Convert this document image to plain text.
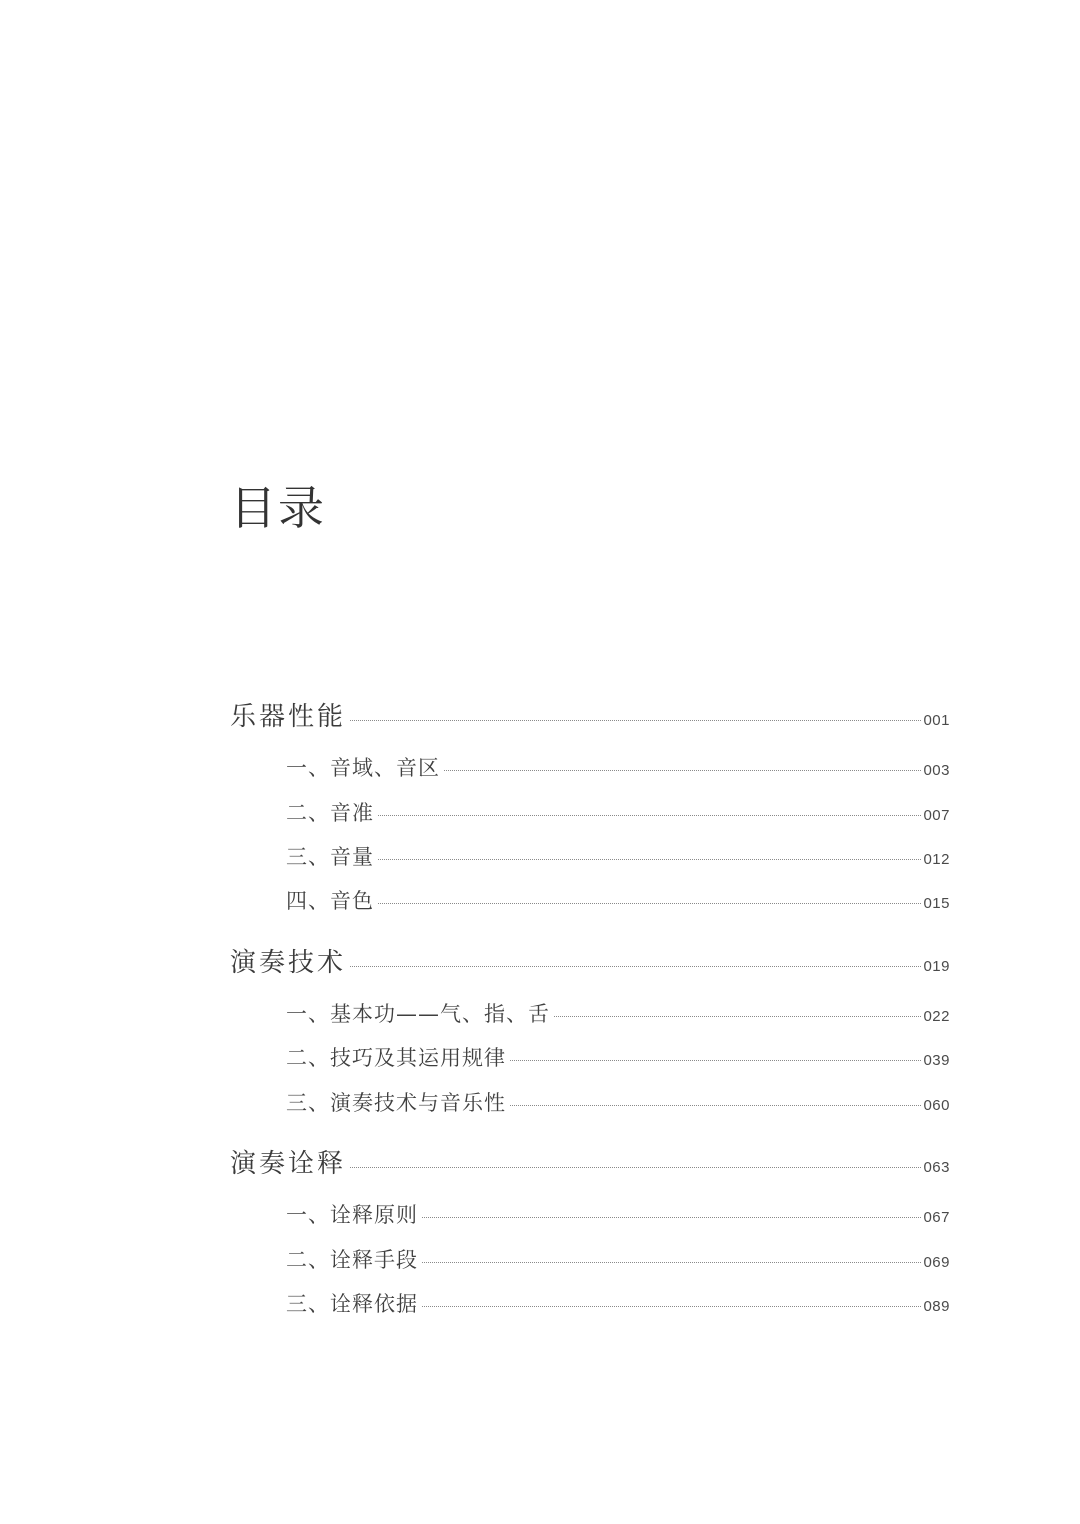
目录
乐器性能	001
一、音域、音区	003
二、音准	007
三、音量	012
四、音色	015
演奏技术	019
一、基本功——气、指、舌	022
二、技巧及其运用规律	039
三、演奏技术与音乐性	060
演奏诠释	063
一、诠释原则	067
二、诠释手段	069
三、诠释依据	089
